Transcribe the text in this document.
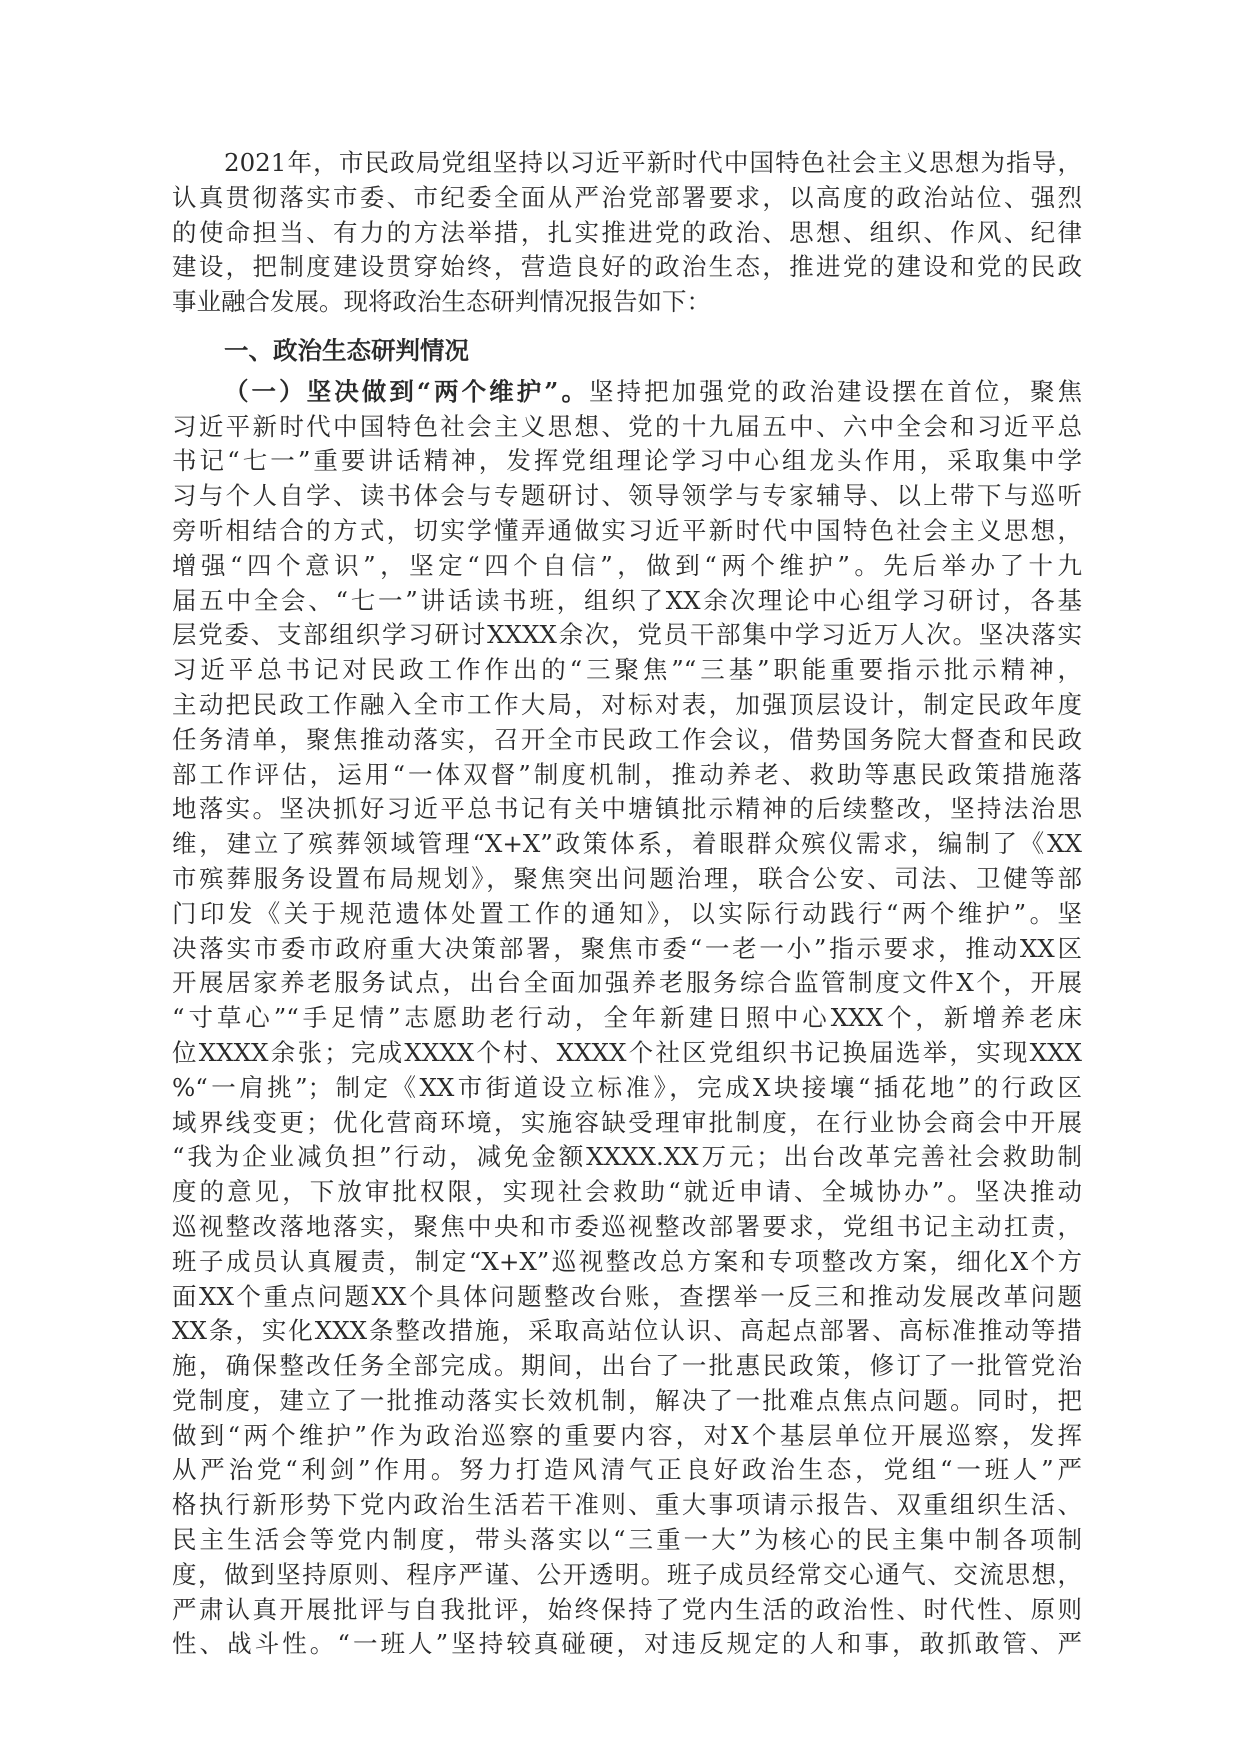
2021年，市民政局党组坚持以习近平新时代中国特色社会主义思想为指导，
认真贯彻落实市委、市纪委全面从严治党部署要求，以高度的政治站位、强烈
的使命担当、有力的方法举措，扎实推进党的政治、思想、组织、作风、纪律
建设，把制度建设贯穿始终，营造良好的政治生态，推进党的建设和党的民政
事业融合发展。现将政治生态研判情况报告如下：
一、政治生态研判情况
（一）坚决做到“两个维护”。坚持把加强党的政治建设摆在首位，聚焦
习近平新时代中国特色社会主义思想、党的十九届五中、六中全会和习近平总
书记“七一”重要讲话精神，发挥党组理论学习中心组龙头作用，采取集中学
习与个人自学、读书体会与专题研讨、领导领学与专家辅导、以上带下与巡听
旁听相结合的方式，切实学懂弄通做实习近平新时代中国特色社会主义思想，
增强“四个意识”，坚定“四个自信”，做到“两个维护”。先后举办了十九
届五中全会、“七一”讲话读书班，组织了XX余次理论中心组学习研讨，各基
层党委、支部组织学习研讨XXXX余次，党员干部集中学习近万人次。坚决落实
习近平总书记对民政工作作出的“三聚焦”“三基”职能重要指示批示精神，
主动把民政工作融入全市工作大局，对标对表，加强顶层设计，制定民政年度
任务清单，聚焦推动落实，召开全市民政工作会议，借势国务院大督查和民政
部工作评估，运用“一体双督”制度机制，推动养老、救助等惠民政策措施落
地落实。坚决抓好习近平总书记有关中塘镇批示精神的后续整改，坚持法治思
维，建立了殡葬领域管理“X+X”政策体系，着眼群众殡仪需求，编制了《XX
市殡葬服务设置布局规划》，聚焦突出问题治理，联合公安、司法、卫健等部
门印发《关于规范遗体处置工作的通知》，以实际行动践行“两个维护”。坚
决落实市委市政府重大决策部署，聚焦市委“一老一小”指示要求，推动XX区
开展居家养老服务试点，出台全面加强养老服务综合监管制度文件X个，开展
“寸草心”“手足情”志愿助老行动，全年新建日照中心XXX个，新增养老床
位XXXX余张；完成XXXX个村、XXXX个社区党组织书记换届选举，实现XXX
%“一肩挑”；制定《XX市街道设立标准》，完成X块接壤“插花地”的行政区
域界线变更；优化营商环境，实施容缺受理审批制度，在行业协会商会中开展
“我为企业减负担”行动，减免金额XXXX.XX万元；出台改革完善社会救助制
度的意见，下放审批权限，实现社会救助“就近申请、全城协办”。坚决推动
巡视整改落地落实，聚焦中央和市委巡视整改部署要求，党组书记主动扛责，
班子成员认真履责，制定“X+X”巡视整改总方案和专项整改方案，细化X个方
面XX个重点问题XX个具体问题整改台账，查摆举一反三和推动发展改革问题
XX条，实化XXX条整改措施，采取高站位认识、高起点部署、高标准推动等措
施，确保整改任务全部完成。期间，出台了一批惠民政策，修订了一批管党治
党制度，建立了一批推动落实长效机制，解决了一批难点焦点问题。同时，把
做到“两个维护”作为政治巡察的重要内容，对X个基层单位开展巡察，发挥
从严治党“利剑”作用。努力打造风清气正良好政治生态，党组“一班人”严
格执行新形势下党内政治生活若干准则、重大事项请示报告、双重组织生活、
民主生活会等党内制度，带头落实以“三重一大”为核心的民主集中制各项制
度，做到坚持原则、程序严谨、公开透明。班子成员经常交心通气、交流思想，
严肃认真开展批评与自我批评，始终保持了党内生活的政治性、时代性、原则
性、战斗性。“一班人”坚持较真碰硬，对违反规定的人和事，敢抓敢管、严
